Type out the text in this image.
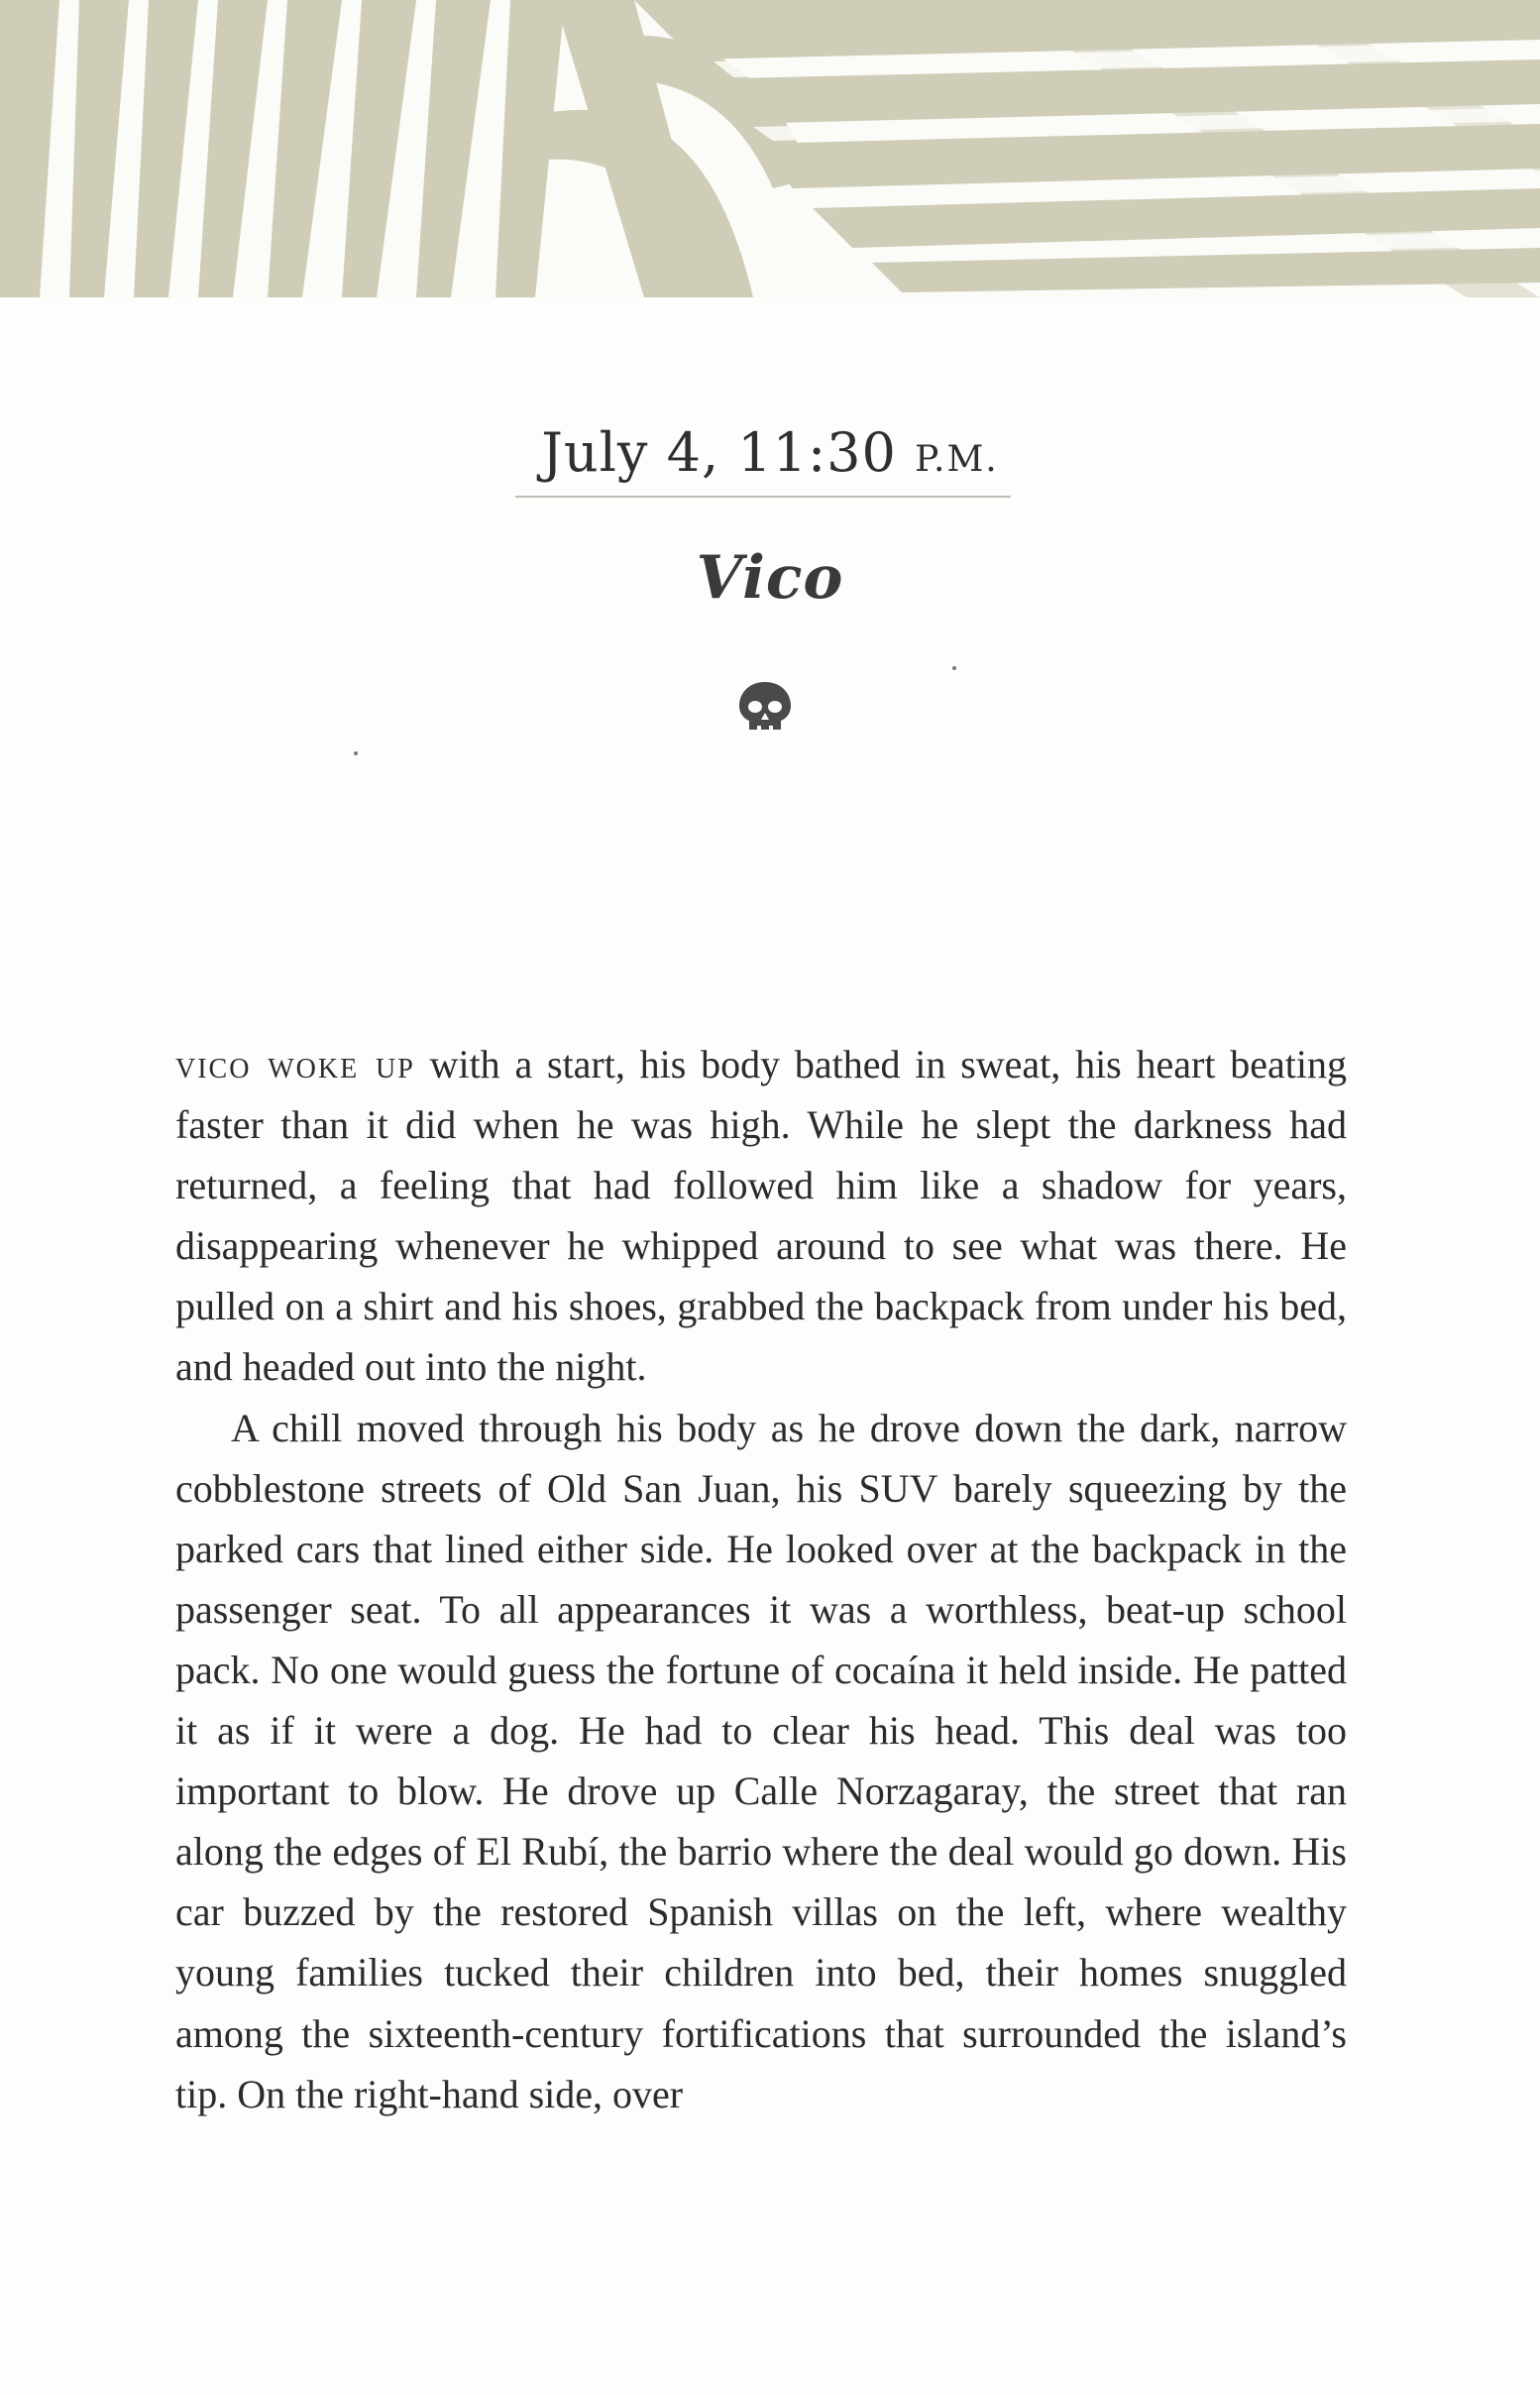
July 4, 11:30 P.M.
Vico

vico woke up with a start, his body bathed in sweat, his heart beating faster than it did when he was high. While he slept the darkness had returned, a feeling that had followed him like a shadow for years, disappearing whenever he whipped around to see what was there. He pulled on a shirt and his shoes, grabbed the backpack from under his bed, and headed out into the night.

A chill moved through his body as he drove down the dark, narrow cobblestone streets of Old San Juan, his SUV barely squeezing by the parked cars that lined either side. He looked over at the backpack in the passenger seat. To all appearances it was a worthless, beat-up school pack. No one would guess the fortune of cocaína it held inside. He patted it as if it were a dog. He had to clear his head. This deal was too important to blow. He drove up Calle Norzagaray, the street that ran along the edges of El Rubí, the barrio where the deal would go down. His car buzzed by the restored Spanish villas on the left, where wealthy young families tucked their children into bed, their homes snuggled among the sixteenth-century fortifications that surrounded the island’s tip. On the right-hand side, over
